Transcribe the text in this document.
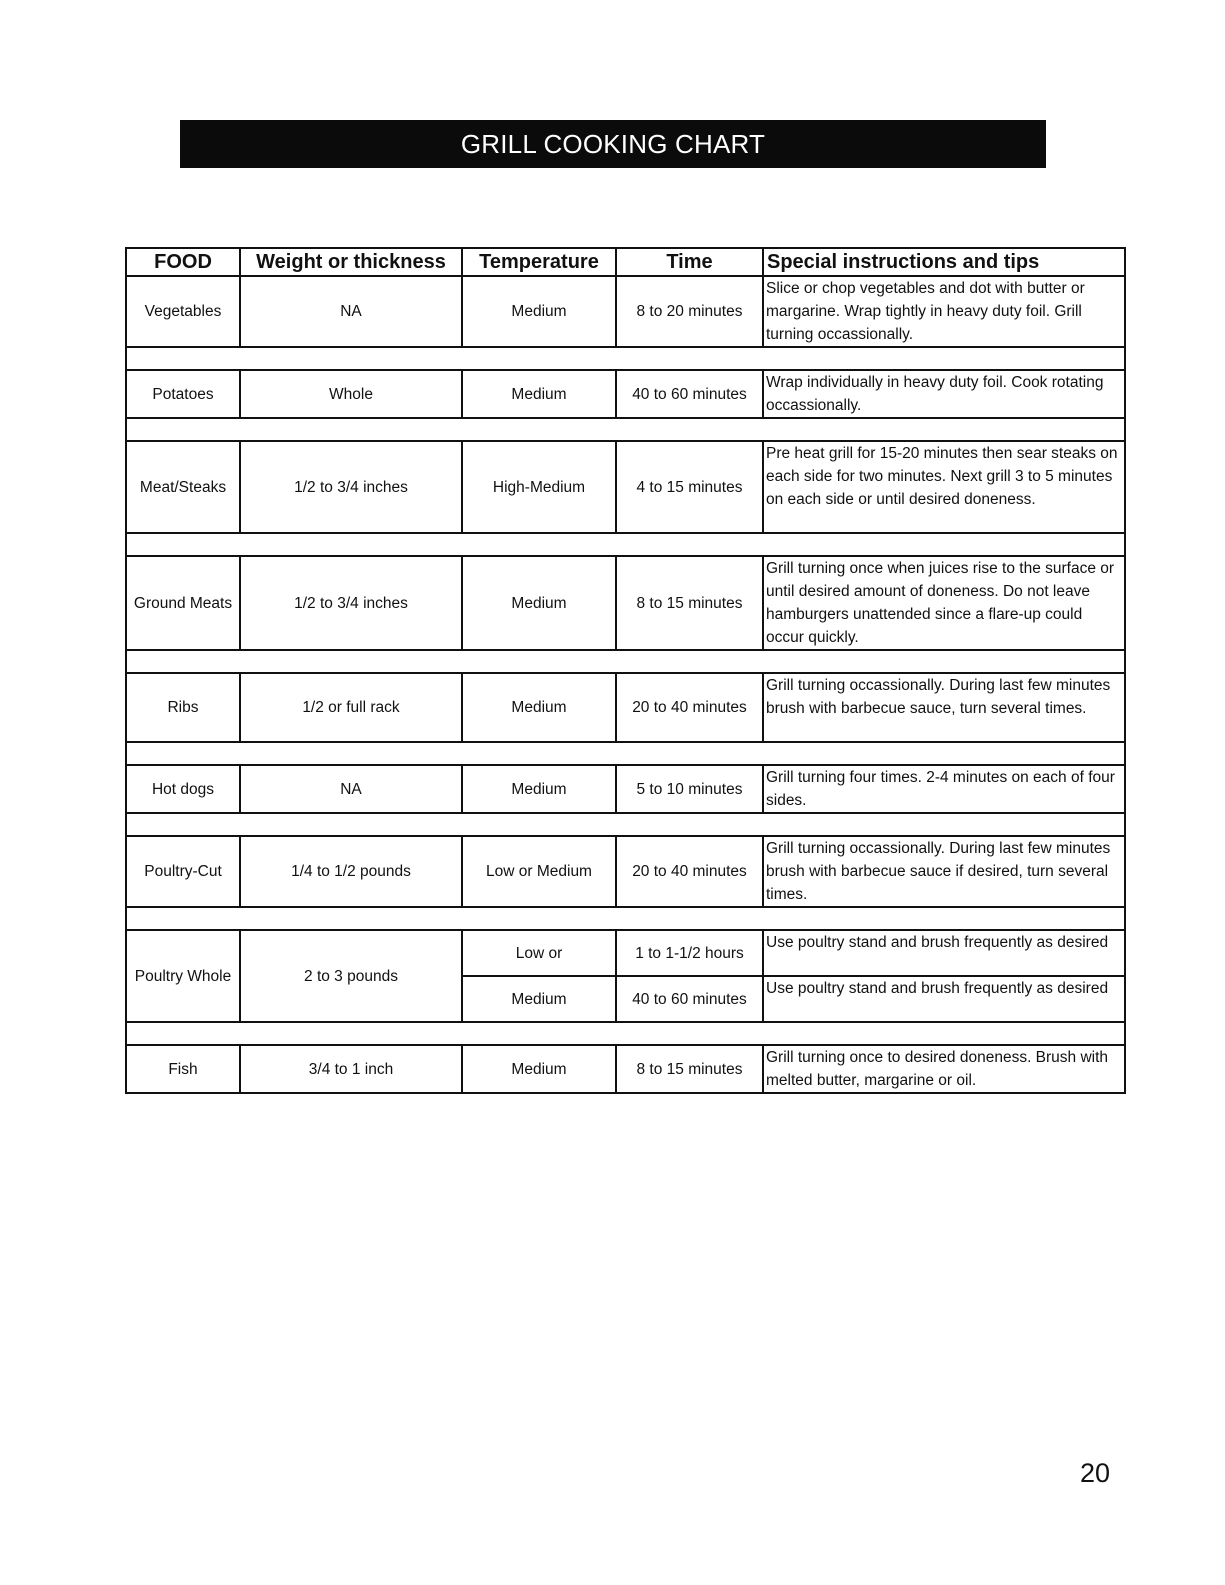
GRILL COOKING CHART
FOOD	Weight or thickness	Temperature	Time	Special instructions and tips
Vegetables	NA	Medium	8 to 20 minutes	Slice or chop vegetables and dot with butter or margarine. Wrap tightly in heavy duty foil. Grill turning occassionally.

Potatoes	Whole	Medium	40 to 60 minutes	Wrap individually in heavy duty foil. Cook rotating occassionally.

Meat/Steaks	1/2 to 3/4 inches	High-Medium	4 to 15 minutes	Pre heat grill for 15-20 minutes then sear steaks on each side for two minutes. Next grill 3 to 5 minutes on each side or until desired doneness.

Ground Meats	1/2 to 3/4 inches	Medium	8 to 15 minutes	Grill turning once when juices rise to the surface or until desired amount of doneness. Do not leave hamburgers unattended since a flare-up could occur quickly.

Ribs	1/2 or full rack	Medium	20 to 40 minutes	Grill turning occassionally. During last few minutes brush with barbecue sauce, turn several times.

Hot dogs	NA	Medium	5 to 10 minutes	Grill turning four times. 2-4 minutes on each of four sides.

Poultry-Cut	1/4 to 1/2 pounds	Low or Medium	20 to 40 minutes	Grill turning occassionally. During last few minutes brush with barbecue sauce if desired, turn several times.

Poultry Whole	2 to 3 pounds	Low or	1 to 1-1/2 hours	Use poultry stand and brush frequently as desired
		Medium	40 to 60 minutes	Use poultry stand and brush frequently as desired

Fish	3/4 to 1 inch	Medium	8 to 15 minutes	Grill turning once to desired doneness. Brush with melted butter, margarine or oil.
20
